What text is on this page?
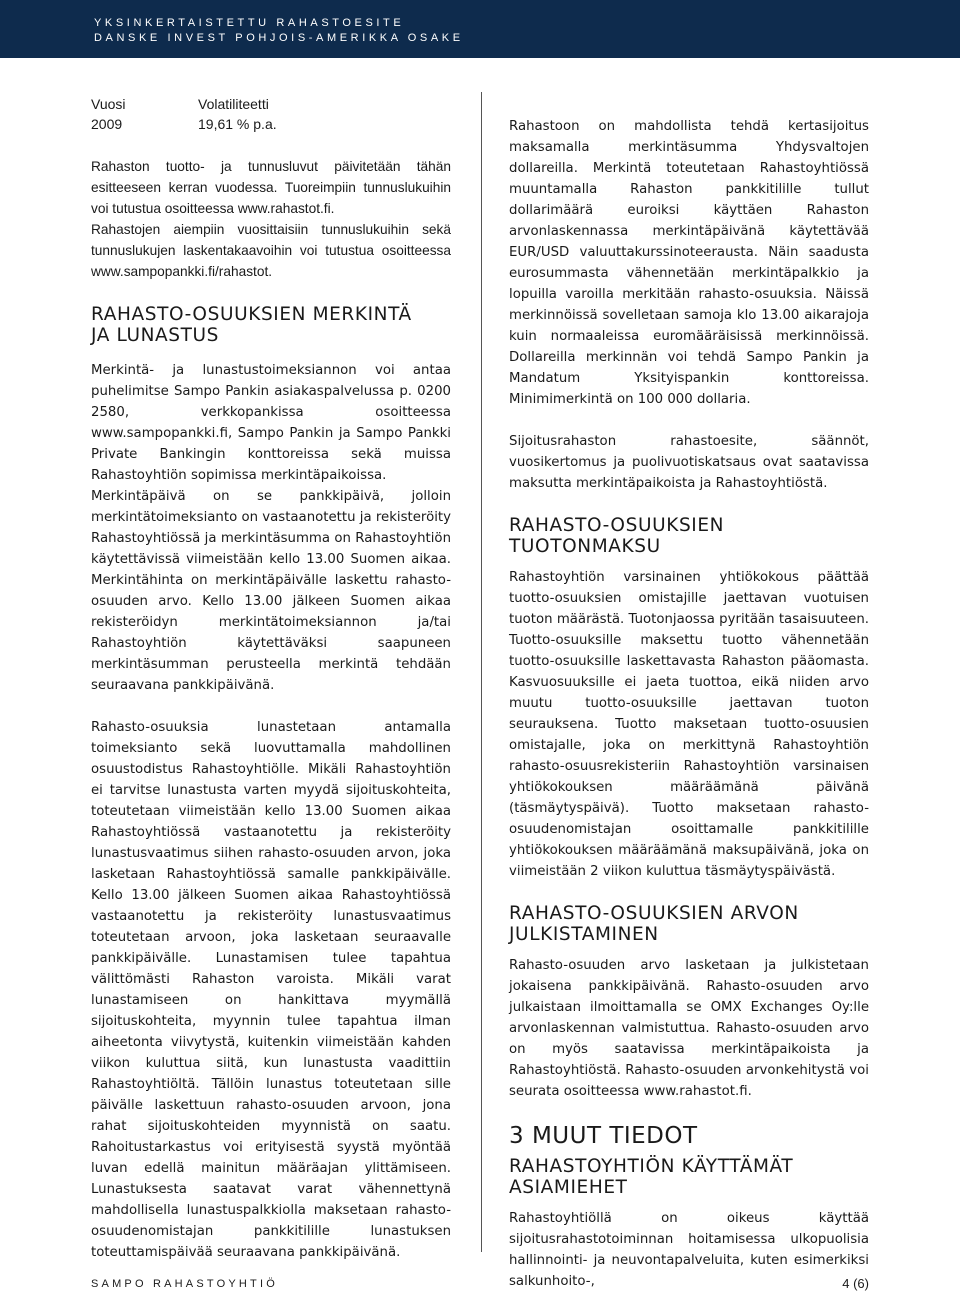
YKSINKERTAISTETTU RAHASTOESITE
DANSKE INVEST POHJOIS-AMERIKKA OSAKE
Vuosi	Volatiliteetti
2009	19,61 % p.a.

Rahaston tuotto- ja tunnusluvut päivitetään tähän esitteeseen kerran vuodessa. Tuoreimpiin tunnuslukuihin voi tutustua osoitteessa www.rahastot.fi.

Rahastojen aiempiin vuosittaisiin tunnuslukuihin sekä tunnuslukujen laskentakaavoihin voi tutustua osoitteessa www.sampopankki.fi/rahastot.

RAHASTO-OSUUKSIEN MERKINTÄ
JA LUNASTUS

Merkintä- ja lunastustoimeksiannon voi antaa puhelimitse Sampo Pankin asiakaspalvelussa p. 0200 2580, verkkopankissa osoitteessa www.sampopankki.fi, Sampo Pankin ja Sampo Pankki Private Bankingin konttoreissa sekä muissa Rahastoyhtiön sopimissa merkintäpaikoissa.

Merkintäpäivä on se pankkipäivä, jolloin merkintätoimeksianto on vastaanotettu ja rekisteröity Rahastoyhtiössä ja merkintäsumma on Rahastoyhtiön käytettävissä viimeistään kello 13.00 Suomen aikaa. Merkintähinta on merkintäpäivälle laskettu rahasto-osuuden arvo. Kello 13.00 jälkeen Suomen aikaa rekisteröidyn merkintätoimeksiannon ja/tai Rahastoyhtiön käytettäväksi saapuneen merkintäsumman perusteella merkintä tehdään seuraavana pankkipäivänä.

Rahasto-osuuksia lunastetaan antamalla toimeksianto sekä luovuttamalla mahdollinen osuustodistus Rahastoyhtiölle. Mikäli Rahastoyhtiön ei tarvitse lunastusta varten myydä sijoituskohteita, toteutetaan viimeistään kello 13.00 Suomen aikaa Rahastoyhtiössä vastaanotettu ja rekisteröity lunastusvaatimus siihen rahasto-osuuden arvon, joka lasketaan Rahastoyhtiössä samalle pankkipäivälle. Kello 13.00 jälkeen Suomen aikaa Rahastoyhtiössä vastaanotettu ja rekisteröity lunastusvaatimus toteutetaan arvoon, joka lasketaan seuraavalle pankkipäivälle. Lunastamisen tulee tapahtua välittömästi Rahaston varoista. Mikäli varat lunastamiseen on hankittava myymällä sijoituskohteita, myynnin tulee tapahtua ilman aiheetonta viivytystä, kuitenkin viimeistään kahden viikon kuluttua siitä, kun lunastusta vaadittiin Rahastoyhtiöltä. Tällöin lunastus toteutetaan sille päivälle laskettuun rahasto-osuuden arvoon, jona rahat sijoituskohteiden myynnistä on saatu. Rahoitustarkastus voi erityisestä syystä myöntää luvan edellä mainitun määräajan ylittämiseen. Lunastuksesta saatavat varat vähennettynä mahdollisella lunastuspalkkiolla maksetaan rahasto-osuudenomistajan pankkitilille lunastuksen toteuttamispäivää seuraavana pankkipäivänä.

Rahastoon on mahdollista tehdä kertasijoitus maksamalla merkintäsumma Yhdysvaltojen dollareilla. Merkintä toteutetaan Rahastoyhtiössä muuntamalla Rahaston pankkitilille tullut dollarimäärä euroiksi käyttäen Rahaston arvonlaskennassa merkintäpäivänä käytettävää EUR/USD valuuttakurssinoteerausta. Näin saadusta eurosummasta vähennetään merkintäpalkkio ja lopuilla varoilla merkitään rahasto-osuuksia. Näissä merkinnöissä sovelletaan samoja klo 13.00 aikarajoja kuin normaaleissa euromääräisissä merkinnöissä. Dollareilla merkinnän voi tehdä Sampo Pankin ja Mandatum Yksityispankin konttoreissa. Minimimerkintä on 100 000 dollaria.

Sijoitusrahaston rahastoesite, säännöt, vuosikertomus ja puolivuotiskatsaus ovat saatavissa maksutta merkintäpaikoista ja Rahastoyhtiöstä.

RAHASTO-OSUUKSIEN
TUOTONMAKSU

Rahastoyhtiön varsinainen yhtiökokous päättää tuotto-osuuksien omistajille jaettavan vuotuisen tuoton määrästä. Tuotonjaossa pyritään tasaisuuteen. Tuotto-osuuksille maksettu tuotto vähennetään tuotto-osuuksille laskettavasta Rahaston pääomasta. Kasvuosuuksille ei jaeta tuottoa, eikä niiden arvo muutu tuotto-osuuksille jaettavan tuoton seurauksena. Tuotto maksetaan tuotto-osuusien omistajalle, joka on merkittynä Rahastoyhtiön rahasto-osuusrekisteriin Rahastoyhtiön varsinaisen yhtiökokouksen määräämänä päivänä (täsmäytyspäivä). Tuotto maksetaan rahasto-osuudenomistajan osoittamalle pankkitilille yhtiökokouksen määräämänä maksupäivänä, joka on viimeistään 2 viikon kuluttua täsmäytyspäivästä.

RAHASTO-OSUUKSIEN ARVON
JULKISTAMINEN

Rahasto-osuuden arvo lasketaan ja julkistetaan jokaisena pankkipäivänä. Rahasto-osuuden arvo julkaistaan ilmoittamalla se OMX Exchanges Oy:lle arvonlaskennan valmistuttua. Rahasto-osuuden arvo on myös saatavissa merkintäpaikoista ja Rahastoyhtiöstä. Rahasto-osuuden arvonkehitystä voi seurata osoitteessa www.rahastot.fi.

3 MUUT TIEDOT
RAHASTOYHTIÖN KÄYTTÄMÄT
ASIAMIEHET

Rahastoyhtiöllä on oikeus käyttää sijoitusrahastotoiminnan hoitamisessa ulkopuolisia hallinnointi- ja neuvontapalveluita, kuten esimerkiksi salkunhoito-,

SAMPO RAHASTOYHTIÖ	4 (6)
